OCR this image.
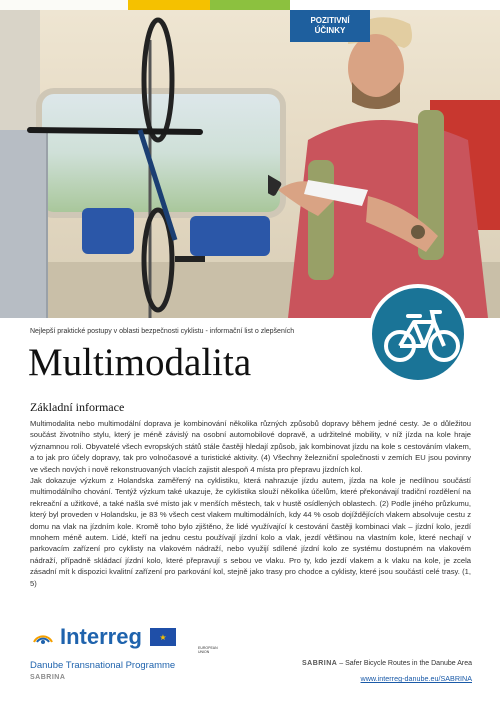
POZITIVNÍ
ÚČINKY
Nejlepší praktické postupy v oblasti bezpečnosti cyklistu - informační list o zlepšeních
Multimodalita
Základní informace

Multimodalita nebo multimodální doprava je kombinování několika různých způsobů dopravy během jedné cesty. Je o důležitou součást životního stylu, který je méně závislý na osobní automobilové dopravě, a udržitelné mobility, v níž jízda na kole hraje významnou roli. Obyvatelé všech evropských států stále častěji hledají způsob, jak kombinovat jízdu na kole s cestováním vlakem, a to jak pro účely dopravy, tak pro volnočasové a turistické aktivity. (4) Všechny železniční společnosti v zemích EU jsou povinny ve všech nových i nově rekonstruovaných vlacích zajistit alespoň 4 místa pro přepravu jízdních kol.

Jak dokazuje výzkum z Holandska zaměřený na cyklistiku, která nahrazuje jízdu autem, jízda na kole je nedílnou součástí multimodálního chování. Tentýž výzkum také ukazuje, že cyklistika slouží několika účelům, které překonávají tradiční rozdělení na rekreační a užitkové, a také našla své místo jak v menších městech, tak v hustě osídlených oblastech. (2) Podle jiného průzkumu, který byl proveden v Holandsku, je 83 % všech cest vlakem multimodálních, kdy 44 % osob dojíždějících vlakem absolvuje cestu z domu na vlak na jízdním kole. Kromě toho bylo zjištěno, že lidé využívající k cestování častěji kombinaci vlak – jízdní kolo, jezdí mnohem méně autem. Lidé, kteří na jednu cestu používají jízdní kolo a vlak, jezdí většinou na vlastním kole, které nechají v parkovacím zařízení pro cyklisty na vlakovém nádraží, nebo využijí sdílené jízdní kolo ze systému dostupném na vlakovém nádraží, případně skládací jízdní kolo, které přepravují s sebou ve vlaku. Pro ty, kdo jezdí vlakem a k vlaku na kole, je zcela zásadní mít k dispozici kvalitní zařízení pro parkování kol, stejně jako trasy pro chodce a cyklisty, které jsou součástí celé trasy. (1, 5)

Interreg	★
EUROPEAN UNION
Danube Transnational Programme
SABRINA
SABRINA – Safer Bicycle Routes in the Danube Area
www.interreg-danube.eu/SABRINA
